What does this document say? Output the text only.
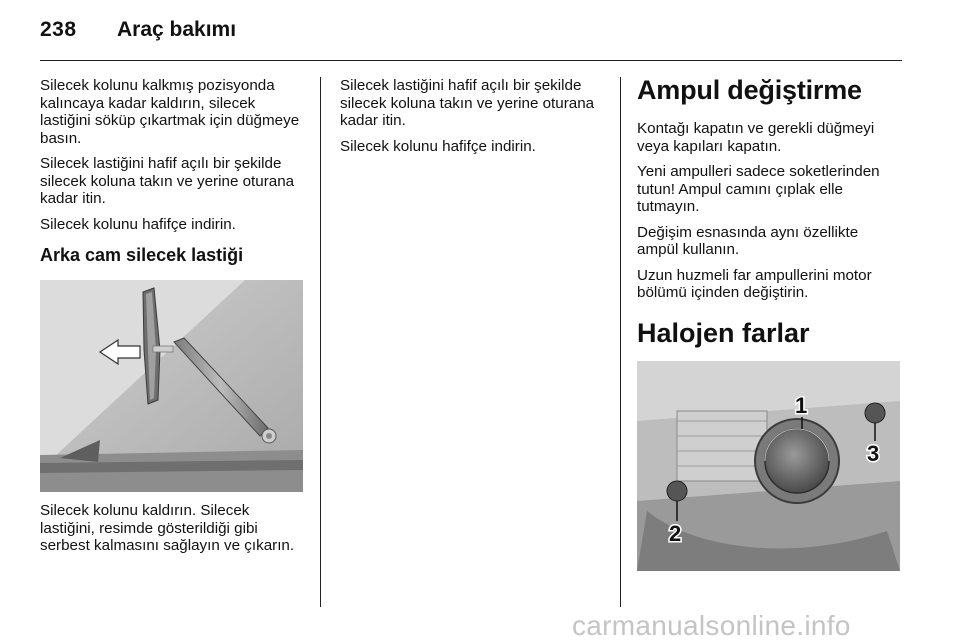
238 Araç bakımı

Silecek kolunu kalkmış pozisyonda kalıncaya kadar kaldırın, silecek lastiğini söküp çıkartmak için düğmeye basın.

Silecek lastiğini hafif açılı bir şekilde silecek koluna takın ve yerine oturana kadar itin.

Silecek kolunu hafifçe indirin.

Arka cam silecek lastiği

Silecek kolunu kaldırın. Silecek lastiğini, resimde gösterildiği gibi serbest kalmasını sağlayın ve çıkarın.

Silecek lastiğini hafif açılı bir şekilde silecek koluna takın ve yerine oturana kadar itin.

Silecek kolunu hafifçe indirin.

Ampul değiştirme

Kontağı kapatın ve gerekli düğmeyi veya kapıları kapatın.

Yeni ampulleri sadece soketlerinden tutun! Ampul camını çıplak elle tutmayın.

Değişim esnasında aynı özellikte ampül kullanın.

Uzun huzmeli far ampullerini motor bölümü içinden değiştirin.

Halojen farlar
1
2
3
carmanualsonline.info
